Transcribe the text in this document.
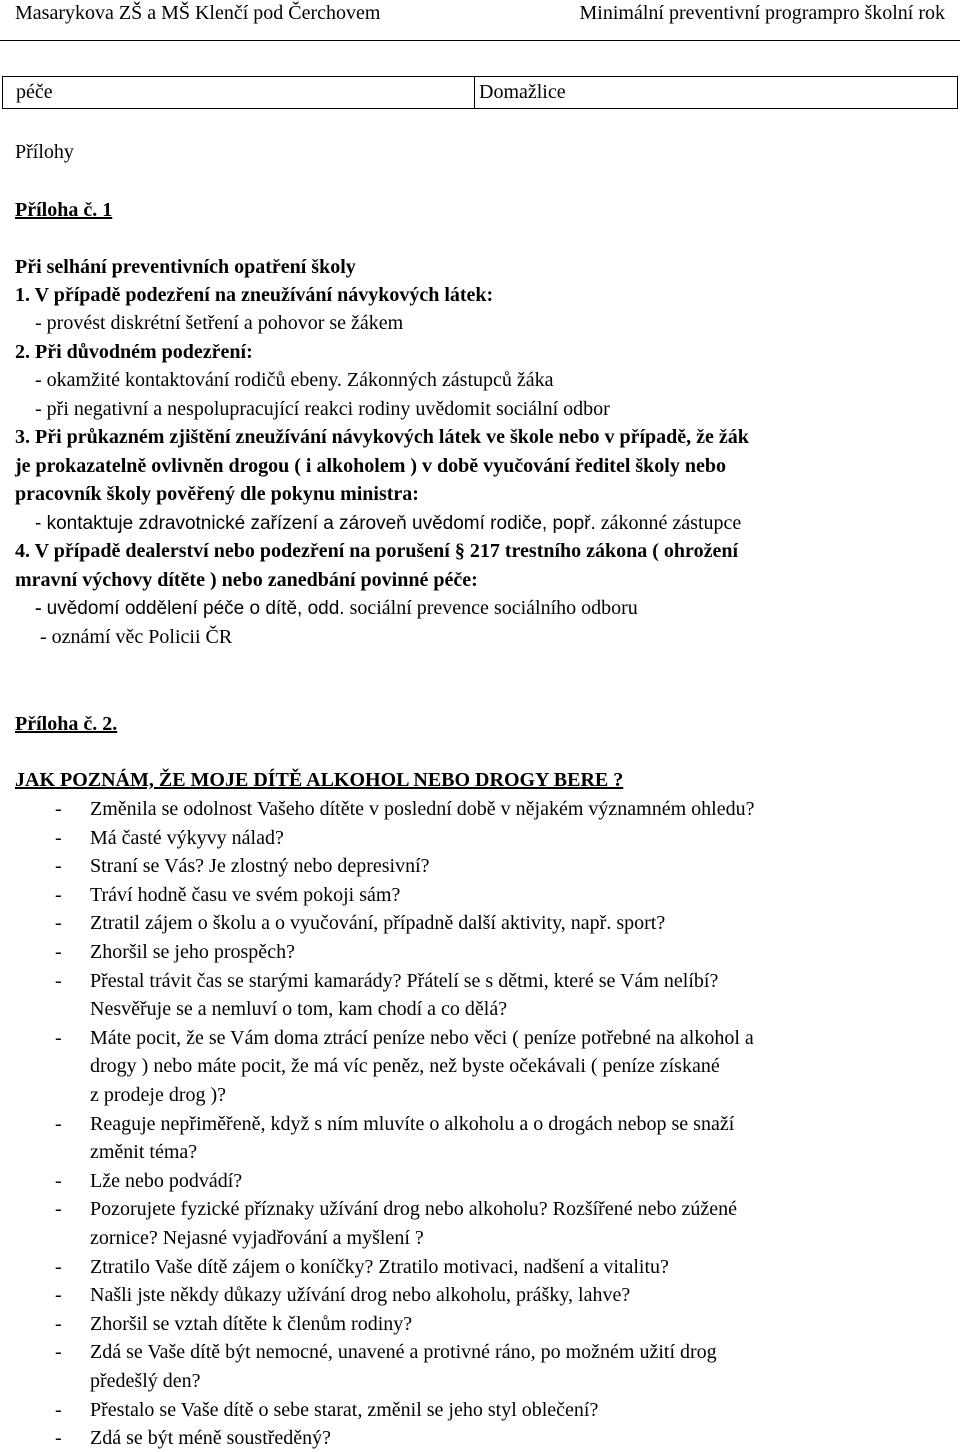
Masarykova ZŠ a MŠ Klenčí pod Čerchovem	Minimální preventivní programpro školní rok
péče	Domažlice
Přílohy
Příloha č. 1
Při selhání preventivních opatření školy
1. V případě podezření na zneužívání návykových látek:
- provést diskrétní šetření a pohovor se žákem
2. Při důvodném podezření:
- okamžité kontaktování rodičů ebeny. Zákonných zástupců žáka
- při negativní a nespolupracující reakci rodiny uvědomit sociální odbor
3. Při průkazném zjištění zneužívání návykových látek ve škole nebo v případě, že žák
je prokazatelně ovlivněn drogou ( i alkoholem ) v době vyučování ředitel školy nebo
pracovník školy pověřený dle pokynu ministra:
- kontaktuje zdravotnické zařízení a zároveň uvědomí rodiče, popř. zákonné zástupce
4. V případě dealerství nebo podezření na porušení § 217 trestního zákona ( ohrožení
mravní výchovy dítěte ) nebo zanedbání povinné péče:
- uvědomí oddělení péče o dítě, odd. sociální prevence sociálního odboru
- oznámí věc Policii ČR
Příloha č. 2.
JAK POZNÁM, ŽE MOJE DÍTĚ ALKOHOL NEBO DROGY BERE ?
- Změnila se odolnost Vašeho dítěte v poslední době v nějakém významném ohledu?
- Má časté výkyvy nálad?
- Straní se Vás? Je zlostný nebo depresivní?
- Tráví hodně času ve svém pokoji sám?
- Ztratil zájem o školu a o vyučování, případně další aktivity, např. sport?
- Zhoršil se jeho prospěch?
- Přestal trávit čas se starými kamarády? Přátelí se s dětmi, které se Vám nelíbí?
Nesvěřuje se a nemluví o tom, kam chodí a co dělá?
- Máte pocit, že se Vám doma ztrácí peníze nebo věci ( peníze potřebné na alkohol a
drogy ) nebo máte pocit, že má víc peněz, než byste očekávali ( peníze získané
z prodeje drog )?
- Reaguje nepřiměřeně, když s ním mluvíte o alkoholu a o drogách nebop se snaží
změnit téma?
- Lže nebo podvádí?
- Pozorujete fyzické příznaky užívání drog nebo alkoholu? Rozšířené nebo zúžené
zornice? Nejasné vyjadřování a myšlení ?
- Ztratilo Vaše dítě zájem o koníčky? Ztratilo motivaci, nadšení a vitalitu?
- Našli jste někdy důkazy užívání drog nebo alkoholu, prášky, lahve?
- Zhoršil se vztah dítěte k členům rodiny?
- Zdá se Vaše dítě být nemocné, unavené a protivné ráno, po možném užití drog
předešlý den?
- Přestalo se Vaše dítě o sebe starat, změnil se jeho styl oblečení?
- Zdá se být méně soustředěný?
